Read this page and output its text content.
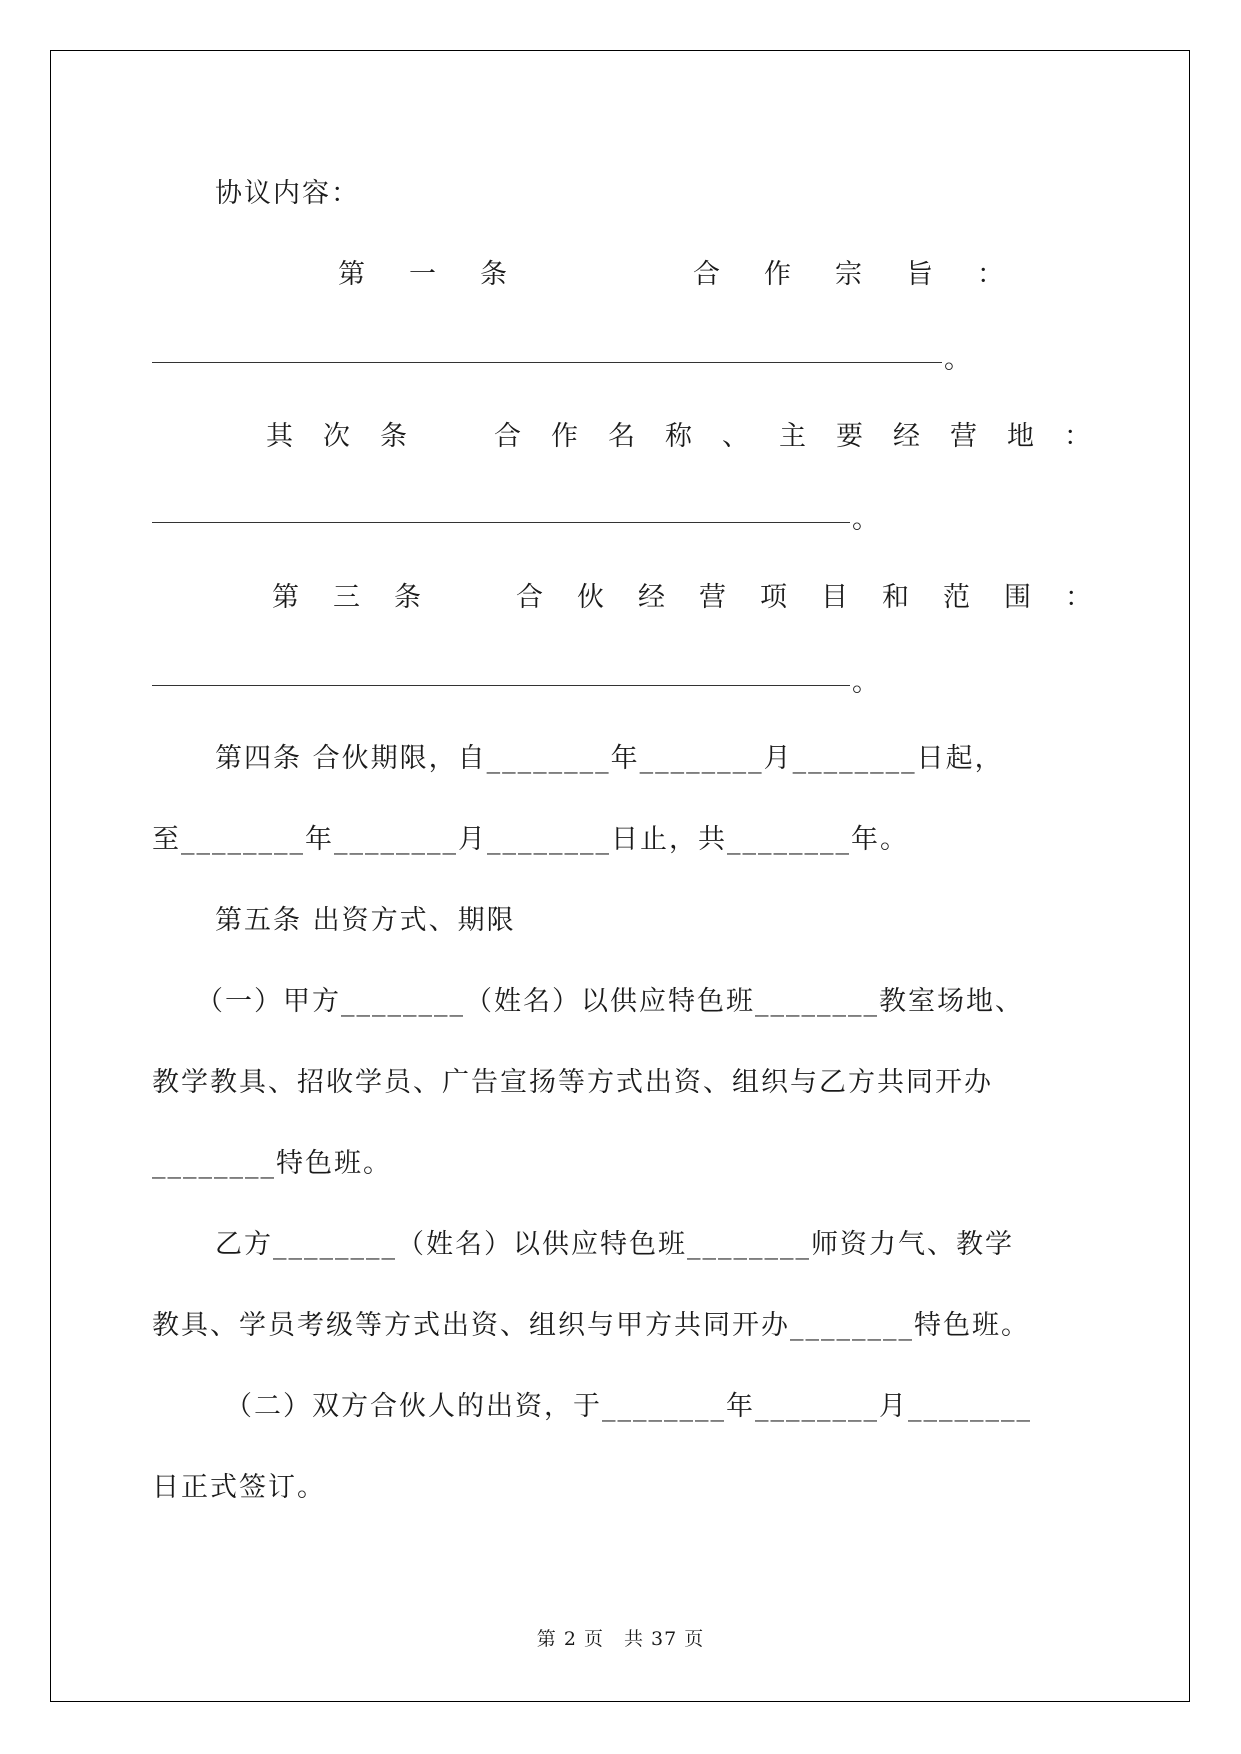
协议内容：
第一条　　合作宗旨：
。
其次条　合作名称、主要经营地：
。
第三条　合伙经营项目和范围：
。
第四条 合伙期限，自________年________月________日起，
至________年________月________日止，共________年。
第五条 出资方式、期限
（一）甲方________（姓名）以供应特色班________教室场地、
教学教具、招收学员、广告宣扬等方式出资、组织与乙方共同开办
________特色班。
乙方________（姓名）以供应特色班________师资力气、教学
教具、学员考级等方式出资、组织与甲方共同开办________特色班。
（二）双方合伙人的出资，于________年________月________
日正式签订。
第 2 页　共 37 页
